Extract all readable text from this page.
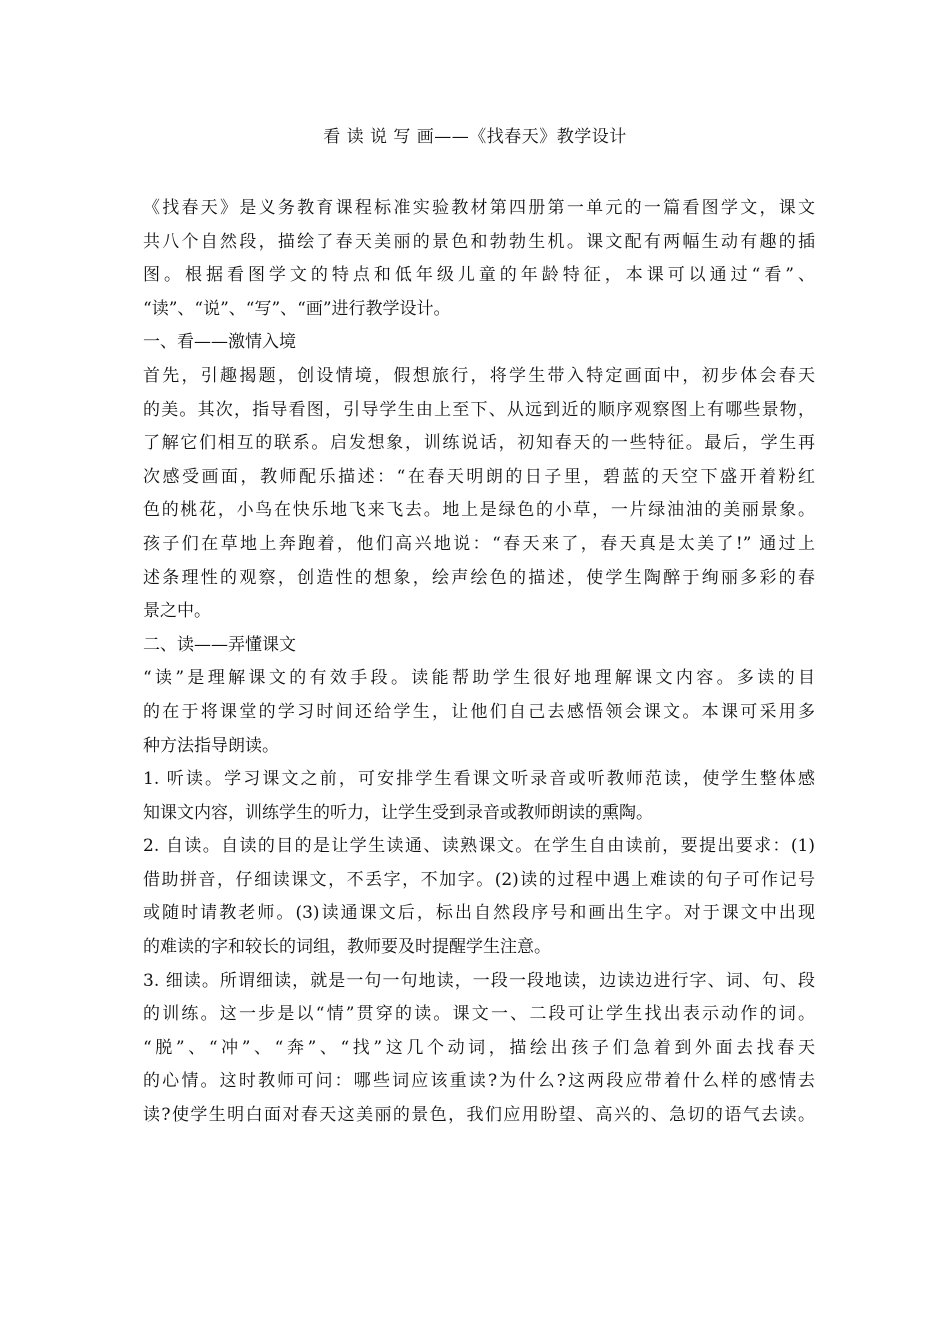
看 读 说 写 画——《找春天》教学设计
《找春天》是义务教育课程标准实验教材第四册第一单元的一篇看图学文，课文
共八个自然段，描绘了春天美丽的景色和勃勃生机。课文配有两幅生动有趣的插
图。根据看图学文的特点和低年级儿童的年龄特征，本课可以通过“看”、
“读”、“说”、“写”、“画”进行教学设计。
一、看——激情入境
首先，引趣揭题，创设情境，假想旅行，将学生带入特定画面中，初步体会春天
的美。其次，指导看图，引导学生由上至下、从远到近的顺序观察图上有哪些景物，
了解它们相互的联系。启发想象，训练说话，初知春天的一些特征。最后，学生再
次感受画面，教师配乐描述：“在春天明朗的日子里，碧蓝的天空下盛开着粉红
色的桃花，小鸟在快乐地飞来飞去。地上是绿色的小草，一片绿油油的美丽景象。
孩子们在草地上奔跑着，他们高兴地说：“春天来了，春天真是太美了!” 通过上
述条理性的观察，创造性的想象，绘声绘色的描述，使学生陶醉于绚丽多彩的春
景之中。
二、读——弄懂课文
“读”是理解课文的有效手段。读能帮助学生很好地理解课文内容。多读的目
的在于将课堂的学习时间还给学生，让他们自己去感悟领会课文。本课可采用多
种方法指导朗读。
1. 听读。学习课文之前，可安排学生看课文听录音或听教师范读，使学生整体感
知课文内容，训练学生的听力，让学生受到录音或教师朗读的熏陶。
2. 自读。自读的目的是让学生读通、读熟课文。在学生自由读前，要提出要求：(1)
借助拼音，仔细读课文，不丢字，不加字。(2)读的过程中遇上难读的句子可作记号
或随时请教老师。(3)读通课文后，标出自然段序号和画出生字。对于课文中出现
的难读的字和较长的词组，教师要及时提醒学生注意。
3. 细读。所谓细读，就是一句一句地读，一段一段地读，边读边进行字、词、句、段
的训练。这一步是以“情”贯穿的读。课文一、二段可让学生找出表示动作的词。
“脱”、“冲”、“奔”、“找”这几个动词，描绘出孩子们急着到外面去找春天
的心情。这时教师可问：哪些词应该重读?为什么?这两段应带着什么样的感情去
读?使学生明白面对春天这美丽的景色，我们应用盼望、高兴的、急切的语气去读。
